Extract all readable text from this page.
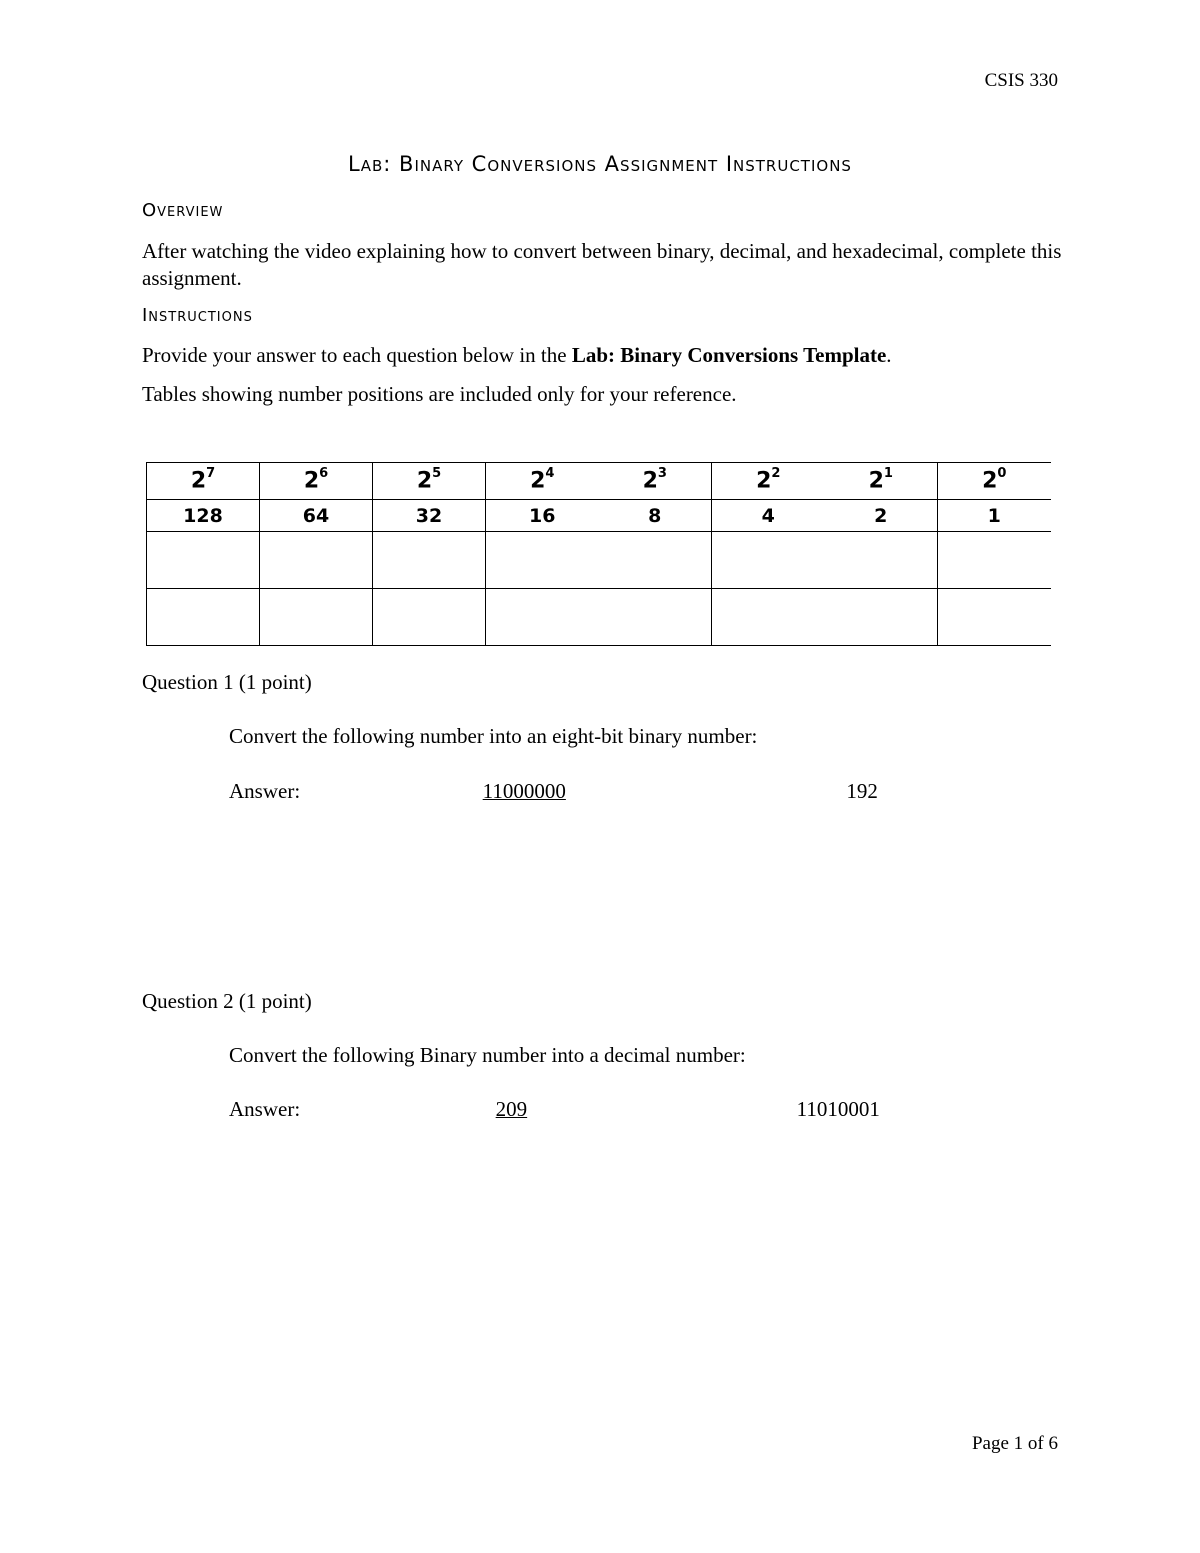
CSIS 330
Lab: Binary Conversions Assignment Instructions
Overview
After watching the video explaining how to convert between binary, decimal, and hexadecimal, complete this assignment.
Instructions
Provide your answer to each question below in the Lab: Binary Conversions Template.
Tables showing number positions are included only for your reference.
$2^7$	$2^6$	$2^5$	$2^4$	$2^3$	$2^2$	$2^1$	$2^0$
128	64	32	16	8	4	2	1

Question 1 (1 point)
Convert the following number into an eight-bit binary number:
Answer:	11000000	192
Question 2 (1 point)
Convert the following Binary number into a decimal number:
Answer:	209	11010001
Page 1 of 6
